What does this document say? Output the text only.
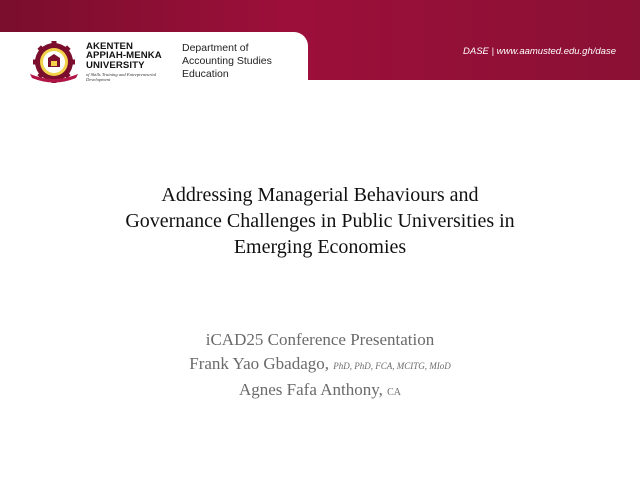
AKENTEN
APPIAH-MENKA
UNIVERSITY
of Skills Training and Entrepreneurial Development
Department of
Accounting Studies
Education
DASE | www.aamusted.edu.gh/dase
Addressing Managerial Behaviours and
Governance Challenges in Public Universities in
Emerging Economies
iCAD25 Conference Presentation
Frank Yao Gbadago, PhD, PhD, FCA, MCITG, MIoD
Agnes Fafa Anthony, CA
